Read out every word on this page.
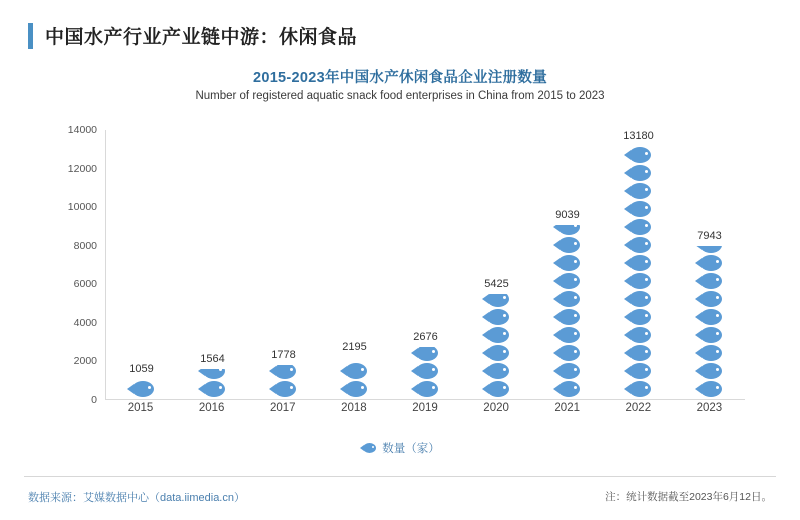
中国水产行业产业链中游：休闲食品
2015-2023年中国水产休闲食品企业注册数量
Number of registered aquatic snack food enterprises in China from 2015 to 2023
0
2000
4000
6000
8000
10000
12000
14000
1059
1564	1778
2195
2676
5425
9039
13180
7943
2015	2016	2017	2018	2019	2020	2021	2022	2023
数量（家）
数据来源：艾媒数据中心（data.iimedia.cn）	注：统计数据截至2023年6月12日。
